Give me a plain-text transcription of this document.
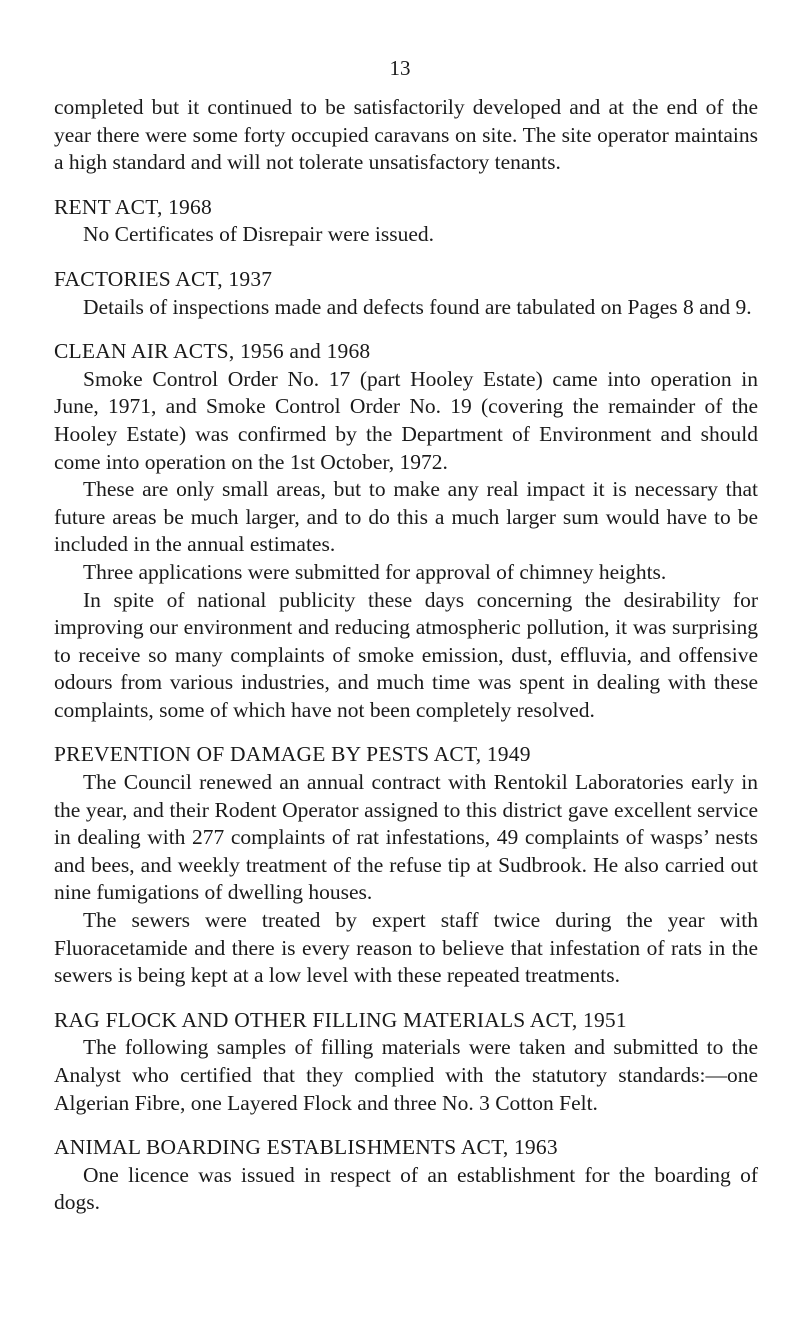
13

completed but it continued to be satisfactorily developed and at the end of the year there were some forty occupied caravans on site. The site operator maintains a high standard and will not tolerate unsatisfactory tenants.

RENT ACT, 1968

No Certificates of Disrepair were issued.

FACTORIES ACT, 1937

Details of inspections made and defects found are tabulated on Pages 8 and 9.

CLEAN AIR ACTS, 1956 and 1968

Smoke Control Order No. 17 (part Hooley Estate) came into operation in June, 1971, and Smoke Control Order No. 19 (covering the remainder of the Hooley Estate) was confirmed by the Department of Environment and should come into operation on the 1st October, 1972.

These are only small areas, but to make any real impact it is necessary that future areas be much larger, and to do this a much larger sum would have to be included in the annual estimates.

Three applications were submitted for approval of chimney heights.

In spite of national publicity these days concerning the desirability for improving our environment and reducing atmospheric pollution, it was surprising to receive so many complaints of smoke emission, dust, effluvia, and offensive odours from various industries, and much time was spent in dealing with these complaints, some of which have not been completely resolved.

PREVENTION OF DAMAGE BY PESTS ACT, 1949

The Council renewed an annual contract with Rentokil Laboratories early in the year, and their Rodent Operator assigned to this district gave excellent service in dealing with 277 complaints of rat infestations, 49 complaints of wasps’ nests and bees, and weekly treatment of the refuse tip at Sudbrook. He also carried out nine fumigations of dwelling houses.

The sewers were treated by expert staff twice during the year with Fluoracetamide and there is every reason to believe that infestation of rats in the sewers is being kept at a low level with these repeated treatments.

RAG FLOCK AND OTHER FILLING MATERIALS ACT, 1951

The following samples of filling materials were taken and submitted to the Analyst who certified that they complied with the statutory standards:—one Algerian Fibre, one Layered Flock and three No. 3 Cotton Felt.

ANIMAL BOARDING ESTABLISHMENTS ACT, 1963

One licence was issued in respect of an establishment for the boarding of dogs.
